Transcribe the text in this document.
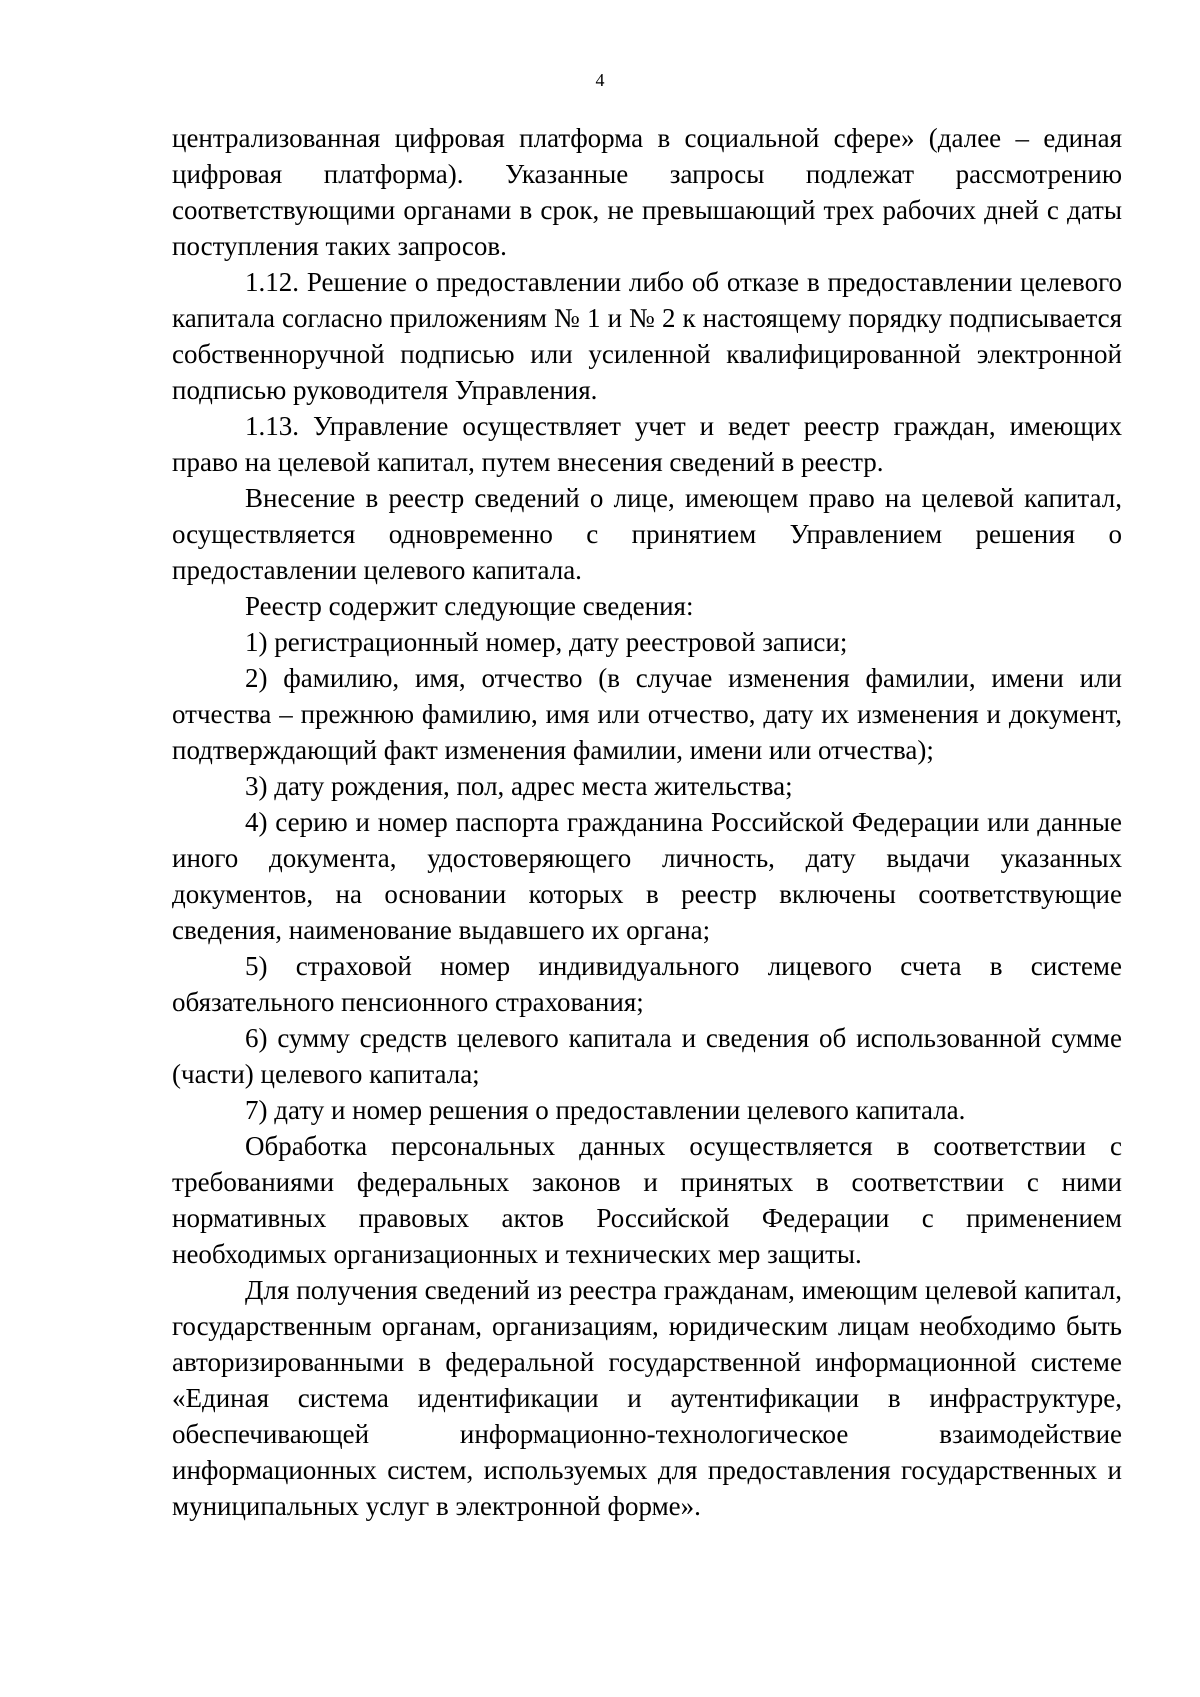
4

централизованная цифровая платформа в социальной сфере» (далее – единая цифровая платформа). Указанные запросы подлежат рассмотрению соответствующими органами в срок, не превышающий трех рабочих дней с даты поступления таких запросов.

1.12. Решение о предоставлении либо об отказе в предоставлении целевого капитала согласно приложениям № 1 и № 2 к настоящему порядку подписывается собственноручной подписью или усиленной квалифицированной электронной подписью руководителя Управления.

1.13. Управление осуществляет учет и ведет реестр граждан, имеющих право на целевой капитал, путем внесения сведений в реестр.

Внесение в реестр сведений о лице, имеющем право на целевой капитал, осуществляется одновременно с принятием Управлением решения о предоставлении целевого капитала.

Реестр содержит следующие сведения:

1) регистрационный номер, дату реестровой записи;

2) фамилию, имя, отчество (в случае изменения фамилии, имени или отчества – прежнюю фамилию, имя или отчество, дату их изменения и документ, подтверждающий факт изменения фамилии, имени или отчества);

3) дату рождения, пол, адрес места жительства;

4) серию и номер паспорта гражданина Российской Федерации или данные иного документа, удостоверяющего личность, дату выдачи указанных документов, на основании которых в реестр включены соответствующие сведения, наименование выдавшего их органа;

5) страховой номер индивидуального лицевого счета в системе обязательного пенсионного страхования;

6) сумму средств целевого капитала и сведения об использованной сумме (части) целевого капитала;

7) дату и номер решения о предоставлении целевого капитала.

Обработка персональных данных осуществляется в соответствии с требованиями федеральных законов и принятых в соответствии с ними нормативных правовых актов Российской Федерации с применением необходимых организационных и технических мер защиты.

Для получения сведений из реестра гражданам, имеющим целевой капитал, государственным органам, организациям, юридическим лицам необходимо быть авторизированными в федеральной государственной информационной системе «Единая система идентификации и аутентификации в инфраструктуре, обеспечивающей информационно-технологическое взаимодействие информационных систем, используемых для предоставления государственных и муниципальных услуг в электронной форме».
